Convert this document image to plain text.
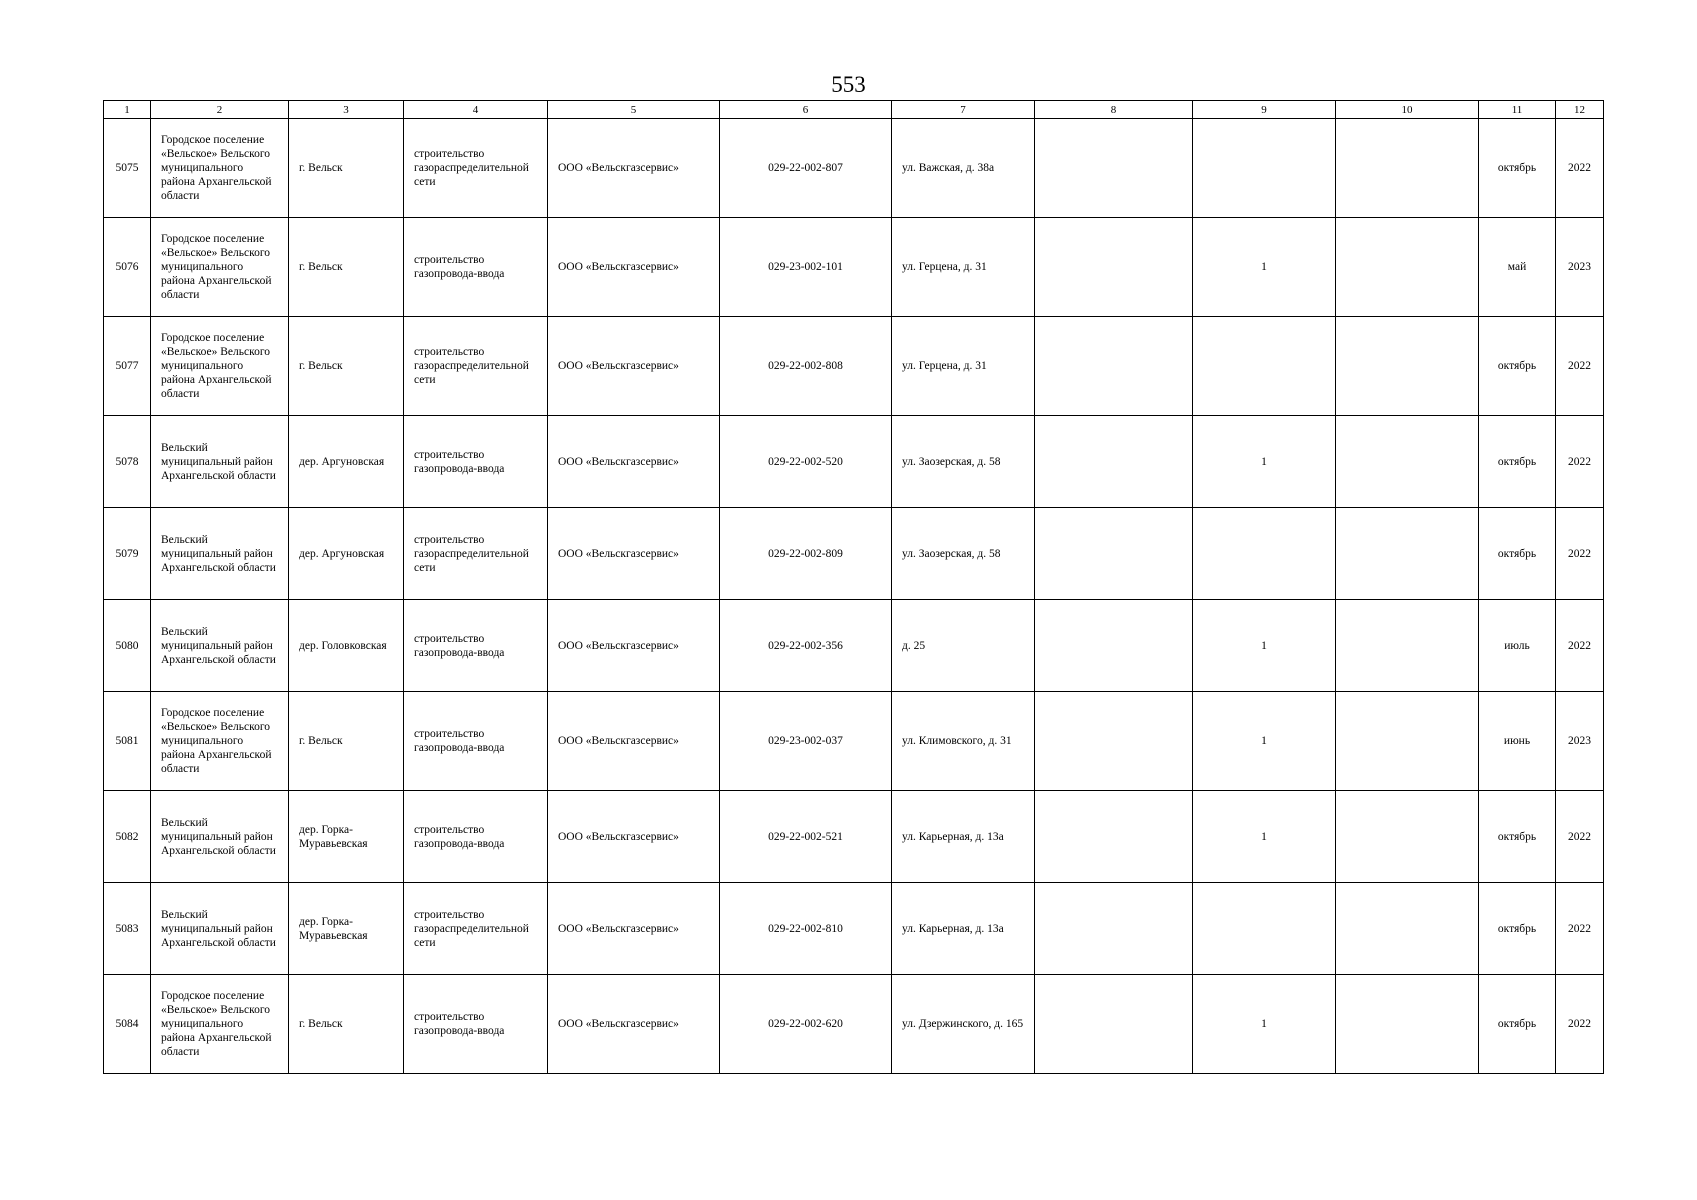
553
1	2	3	4	5	6	7	8	9	10	11	12
5075	Городское поселение «Вельское» Вельского муниципального района Архангельской области	г. Вельск	строительство газораспределительной сети	ООО «Вельскгазсервис»	029-22-002-807	ул. Важская, д. 38а				октябрь	2022
5076	Городское поселение «Вельское» Вельского муниципального района Архангельской области	г. Вельск	строительство газопровода-ввода	ООО «Вельскгазсервис»	029-23-002-101	ул. Герцена, д. 31		1		май	2023
5077	Городское поселение «Вельское» Вельского муниципального района Архангельской области	г. Вельск	строительство газораспределительной сети	ООО «Вельскгазсервис»	029-22-002-808	ул. Герцена, д. 31				октябрь	2022
5078	Вельский муниципальный район Архангельской области	дер. Аргуновская	строительство газопровода-ввода	ООО «Вельскгазсервис»	029-22-002-520	ул. Заозерская, д. 58		1		октябрь	2022
5079	Вельский муниципальный район Архангельской области	дер. Аргуновская	строительство газораспределительной сети	ООО «Вельскгазсервис»	029-22-002-809	ул. Заозерская, д. 58				октябрь	2022
5080	Вельский муниципальный район Архангельской области	дер. Головковская	строительство газопровода-ввода	ООО «Вельскгазсервис»	029-22-002-356	д. 25		1		июль	2022
5081	Городское поселение «Вельское» Вельского муниципального района Архангельской области	г. Вельск	строительство газопровода-ввода	ООО «Вельскгазсервис»	029-23-002-037	ул. Климовского, д. 31		1		июнь	2023
5082	Вельский муниципальный район Архангельской области	дер. Горка-Муравьевская	строительство газопровода-ввода	ООО «Вельскгазсервис»	029-22-002-521	ул. Карьерная, д. 13а		1		октябрь	2022
5083	Вельский муниципальный район Архангельской области	дер. Горка-Муравьевская	строительство газораспределительной сети	ООО «Вельскгазсервис»	029-22-002-810	ул. Карьерная, д. 13а				октябрь	2022
5084	Городское поселение «Вельское» Вельского муниципального района Архангельской области	г. Вельск	строительство газопровода-ввода	ООО «Вельскгазсервис»	029-22-002-620	ул. Дзержинского, д. 165		1		октябрь	2022
